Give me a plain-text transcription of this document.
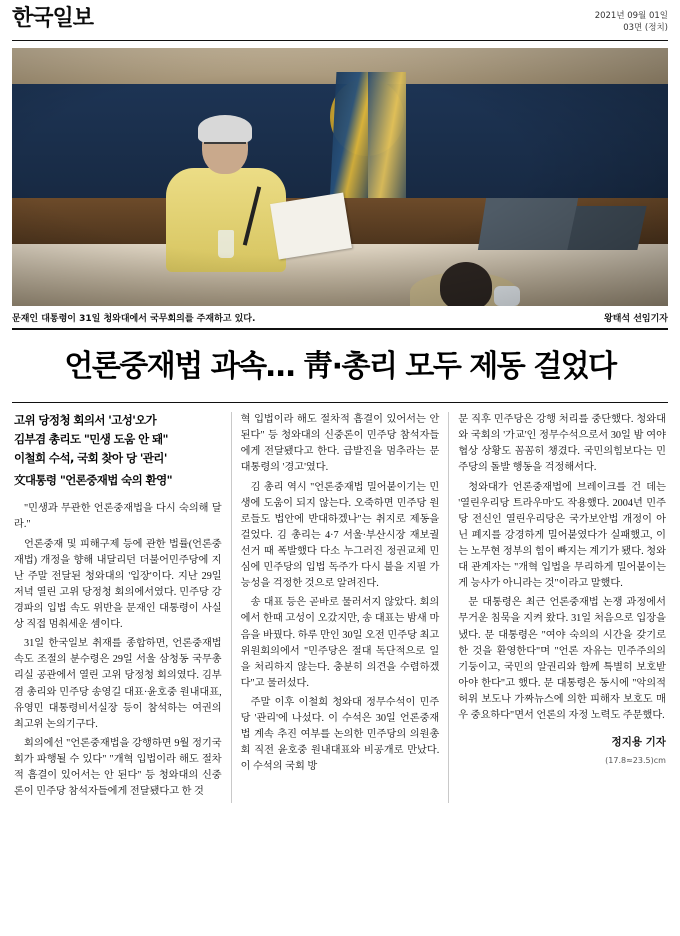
한국일보	2021년 09월 01일
03면 (정치)
문재인 대통령이 31일 청와대에서 국무회의를 주재하고 있다.	왕태석 선임기자
언론중재법 과속… 靑·총리 모두 제동 걸었다
고위 당정청 회의서 '고성'오가
김부겸 총리도 "민생 도움 안 돼"
이철희 수석, 국회 찾아 당 '관리'
文대통령 "언론중재법 숙의 환영"

"민생과 무관한 언론중재법을 다시 숙의해 달라."

언론중재 및 피해구제 등에 관한 법률(언론중재법) 개정을 향해 내달리던 더불어민주당에 지난 주말 전달된 청와대의 '입장'이다. 지난 29일 저녁 열린 고위 당정청 회의에서였다. 민주당 강경파의 입법 속도 위반을 문재인 대통령이 사실상 직접 멈춰세운 셈이다.

31일 한국일보 취재를 종합하면, 언론중재법 속도 조절의 분수령은 29일 서울 삼청동 국무총리실 공관에서 열린 고위 당정청 회의였다. 김부겸 총리와 민주당 송영길 대표·윤호중 원내대표, 유영민 대통령비서실장 등이 참석하는 여권의 최고위 논의기구다.

회의에선 "언론중재법을 강행하면 9월 정기국회가 파행될 수 있다" "개혁 입법이라 해도 절차적 흠결이 있어서는 안 된다" 등 청와대의 신중론이 민주당 참석자들에게 전달됐다고 한 것

혁 입법이라 해도 절차적 흠결이 있어서는 안 된다" 등 청와대의 신중론이 민주당 참석자들에게 전달됐다고 한다. 급발진을 멈추라는 문 대통령의 '경고'였다.

김 총리 역시 "언론중재법 밀어붙이기는 민생에 도움이 되지 않는다. 오죽하면 민주당 원로들도 법안에 반대하겠나"는 취지로 제동을 걸었다. 김 총리는 4·7 서울·부산시장 재보궐 선거 때 폭발했다 다소 누그러진 정권교체 민심에 민주당의 입법 독주가 다시 불을 지필 가능성을 걱정한 것으로 알려진다.

송 대표 등은 곧바로 물러서지 않았다. 회의에서 한때 고성이 오갔지만, 송 대표는 밤새 마음을 바꿨다. 하루 만인 30일 오전 민주당 최고위원회의에서 "민주당은 절대 독단적으로 일을 처리하지 않는다. 충분히 의견을 수렴하겠다"고 물러섰다.

주말 이후 이철희 청와대 정무수석이 민주당 '관리'에 나섰다. 이 수석은 30일 언론중재법 계속 추진 여부를 논의한 민주당의 의원총회 직전 윤호중 원내대표와 비공개로 만났다. 이 수석의 국회 방

문 직후 민주당은 강행 처리를 중단했다. 청와대와 국회의 '가교'인 정무수석으로서 30일 밤 여야 협상 상황도 꼼꼼히 챙겼다. 국민의힘보다는 민주당의 돌발 행동을 걱정해서다.

청와대가 언론중재법에 브레이크를 건 데는 '열린우리당 트라우마'도 작용했다. 2004년 민주당 전신인 열린우리당은 국가보안법 개정이 아닌 폐지를 강경하게 밀어붙였다가 실패했고, 이는 노무현 정부의 힘이 빠지는 계기가 됐다. 청와대 관계자는 "개혁 입법을 무리하게 밀어붙이는 게 능사가 아니라는 것"이라고 말했다.

문 대통령은 최근 언론중재법 논쟁 과정에서 무거운 침묵을 지켜 왔다. 31일 처음으로 입장을 냈다. 문 대통령은 "여야 숙의의 시간을 갖기로 한 것을 환영한다"며 "언론 자유는 민주주의의 기둥이고, 국민의 알권리와 함께 특별히 보호받아야 한다"고 했다. 문 대통령은 동시에 "악의적 허위 보도나 가짜뉴스에 의한 피해자 보호도 매우 중요하다"면서 언론의 자정 노력도 주문했다.

정지용 기자
(17.8≈23.5)cm
